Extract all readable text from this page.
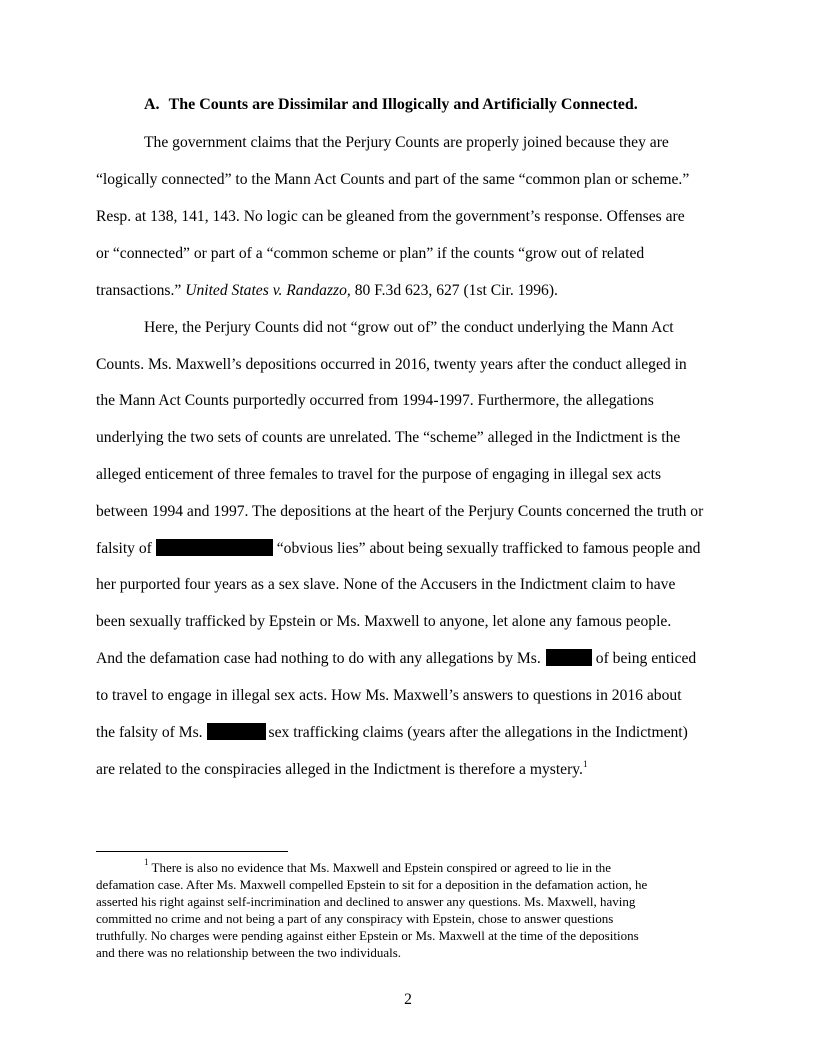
A. The Counts are Dissimilar and Illogically and Artificially Connected.
The government claims that the Perjury Counts are properly joined because they are
“logically connected” to the Mann Act Counts and part of the same “common plan or scheme.”
Resp. at 138, 141, 143. No logic can be gleaned from the government’s response. Offenses are
or “connected” or part of a “common scheme or plan” if the counts “grow out of related
transactions.” United States v. Randazzo, 80 F.3d 623, 627 (1st Cir. 1996).
Here, the Perjury Counts did not “grow out of” the conduct underlying the Mann Act
Counts. Ms. Maxwell’s depositions occurred in 2016, twenty years after the conduct alleged in
the Mann Act Counts purportedly occurred from 1994-1997. Furthermore, the allegations
underlying the two sets of counts are unrelated. The “scheme” alleged in the Indictment is the
alleged enticement of three females to travel for the purpose of engaging in illegal sex acts
between 1994 and 1997. The depositions at the heart of the Perjury Counts concerned the truth or
falsity of	“obvious lies” about being sexually trafficked to famous people and
her purported four years as a sex slave. None of the Accusers in the Indictment claim to have
been sexually trafficked by Epstein or Ms. Maxwell to anyone, let alone any famous people.
And the defamation case had nothing to do with any allegations by Ms.	of being enticed
to travel to engage in illegal sex acts. How Ms. Maxwell’s answers to questions in 2016 about
the falsity of Ms.	sex trafficking claims (years after the allegations in the Indictment)
are related to the conspiracies alleged in the Indictment is therefore a mystery.$^1$
$^1$ There is also no evidence that Ms. Maxwell and Epstein conspired or agreed to lie in the
defamation case. After Ms. Maxwell compelled Epstein to sit for a deposition in the defamation action, he
asserted his right against self-incrimination and declined to answer any questions. Ms. Maxwell, having
committed no crime and not being a part of any conspiracy with Epstein, chose to answer questions
truthfully. No charges were pending against either Epstein or Ms. Maxwell at the time of the depositions
and there was no relationship between the two individuals.
2
